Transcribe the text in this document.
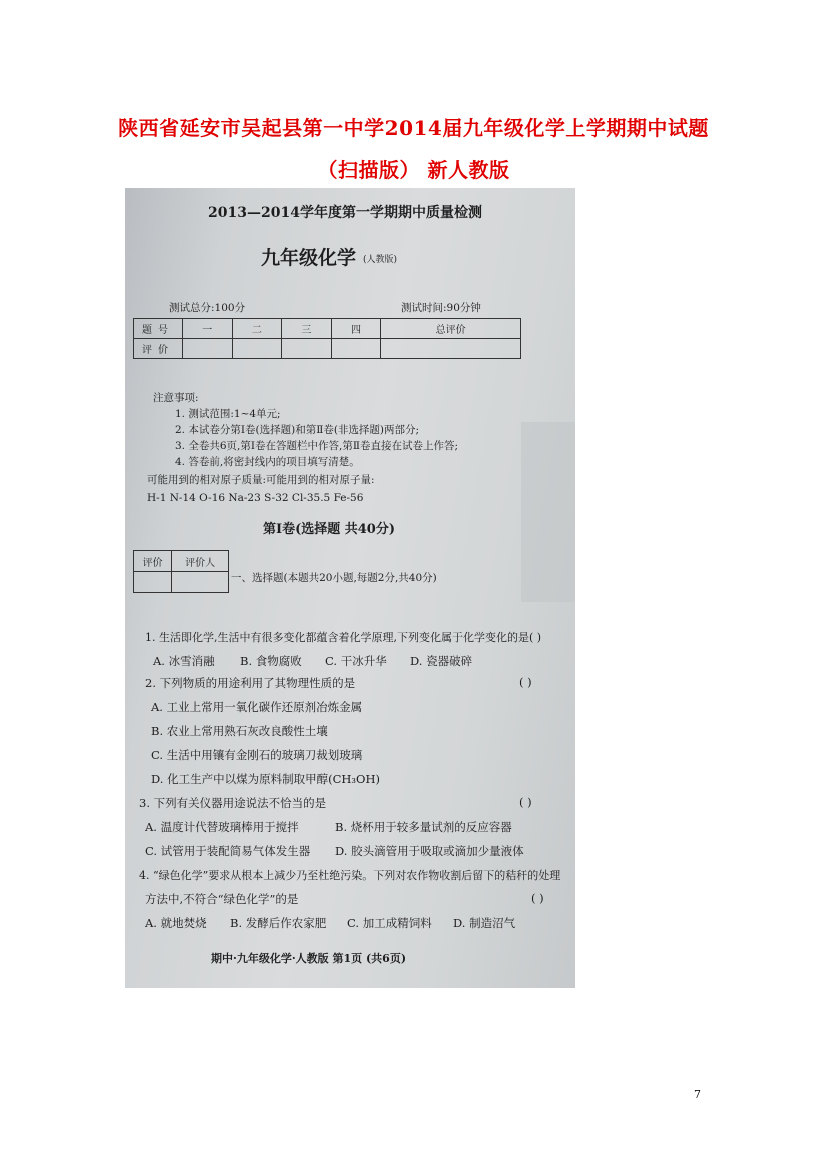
陕西省延安市吴起县第一中学2014届九年级化学上学期期中试题
（扫描版） 新人教版
2013—2014学年度第一学期期中质量检测
九年级化学 (人教版)
测试总分:100分	测试时间:90分钟
题号	一	二	三	四	总评价
评价					
注意事项:
1. 测试范围:1~4单元;
2. 本试卷分第Ⅰ卷(选择题)和第Ⅱ卷(非选择题)两部分;
3. 全卷共6页,第Ⅰ卷在答题栏中作答,第Ⅱ卷直接在试卷上作答;
4. 答卷前,将密封线内的项目填写清楚。
可能用到的相对原子质量:可能用到的相对原子量:
H-1 N-14 O-16 Na-23 S-32 Cl-35.5 Fe-56
第Ⅰ卷(选择题 共40分)
评价	评价人

一、选择题(本题共20小题,每题2分,共40分)
1. 生活即化学,生活中有很多变化都蕴含着化学原理,下列变化属于化学变化的是( )
A. 冰雪消融 B. 食物腐败 C. 干冰升华 D. 瓷器破碎
2. 下列物质的用途利用了其物理性质的是	( )
A. 工业上常用一氧化碳作还原剂冶炼金属
B. 农业上常用熟石灰改良酸性土壤
C. 生活中用镶有金刚石的玻璃刀裁划玻璃
D. 化工生产中以煤为原料制取甲醇(CH₃OH)
3. 下列有关仪器用途说法不恰当的是	( )
A. 温度计代替玻璃棒用于搅拌	B. 烧杯用于较多量试剂的反应容器
C. 试管用于装配简易气体发生器 D. 胶头滴管用于吸取或滴加少量液体
4. “绿色化学”要求从根本上减少乃至杜绝污染。下列对农作物收割后留下的秸秆的处理
方法中,不符合“绿色化学”的是	( )
A. 就地焚烧 B. 发酵后作农家肥 C. 加工成精饲料 D. 制造沼气
期中·九年级化学·人教版 第1页 (共6页)
7
